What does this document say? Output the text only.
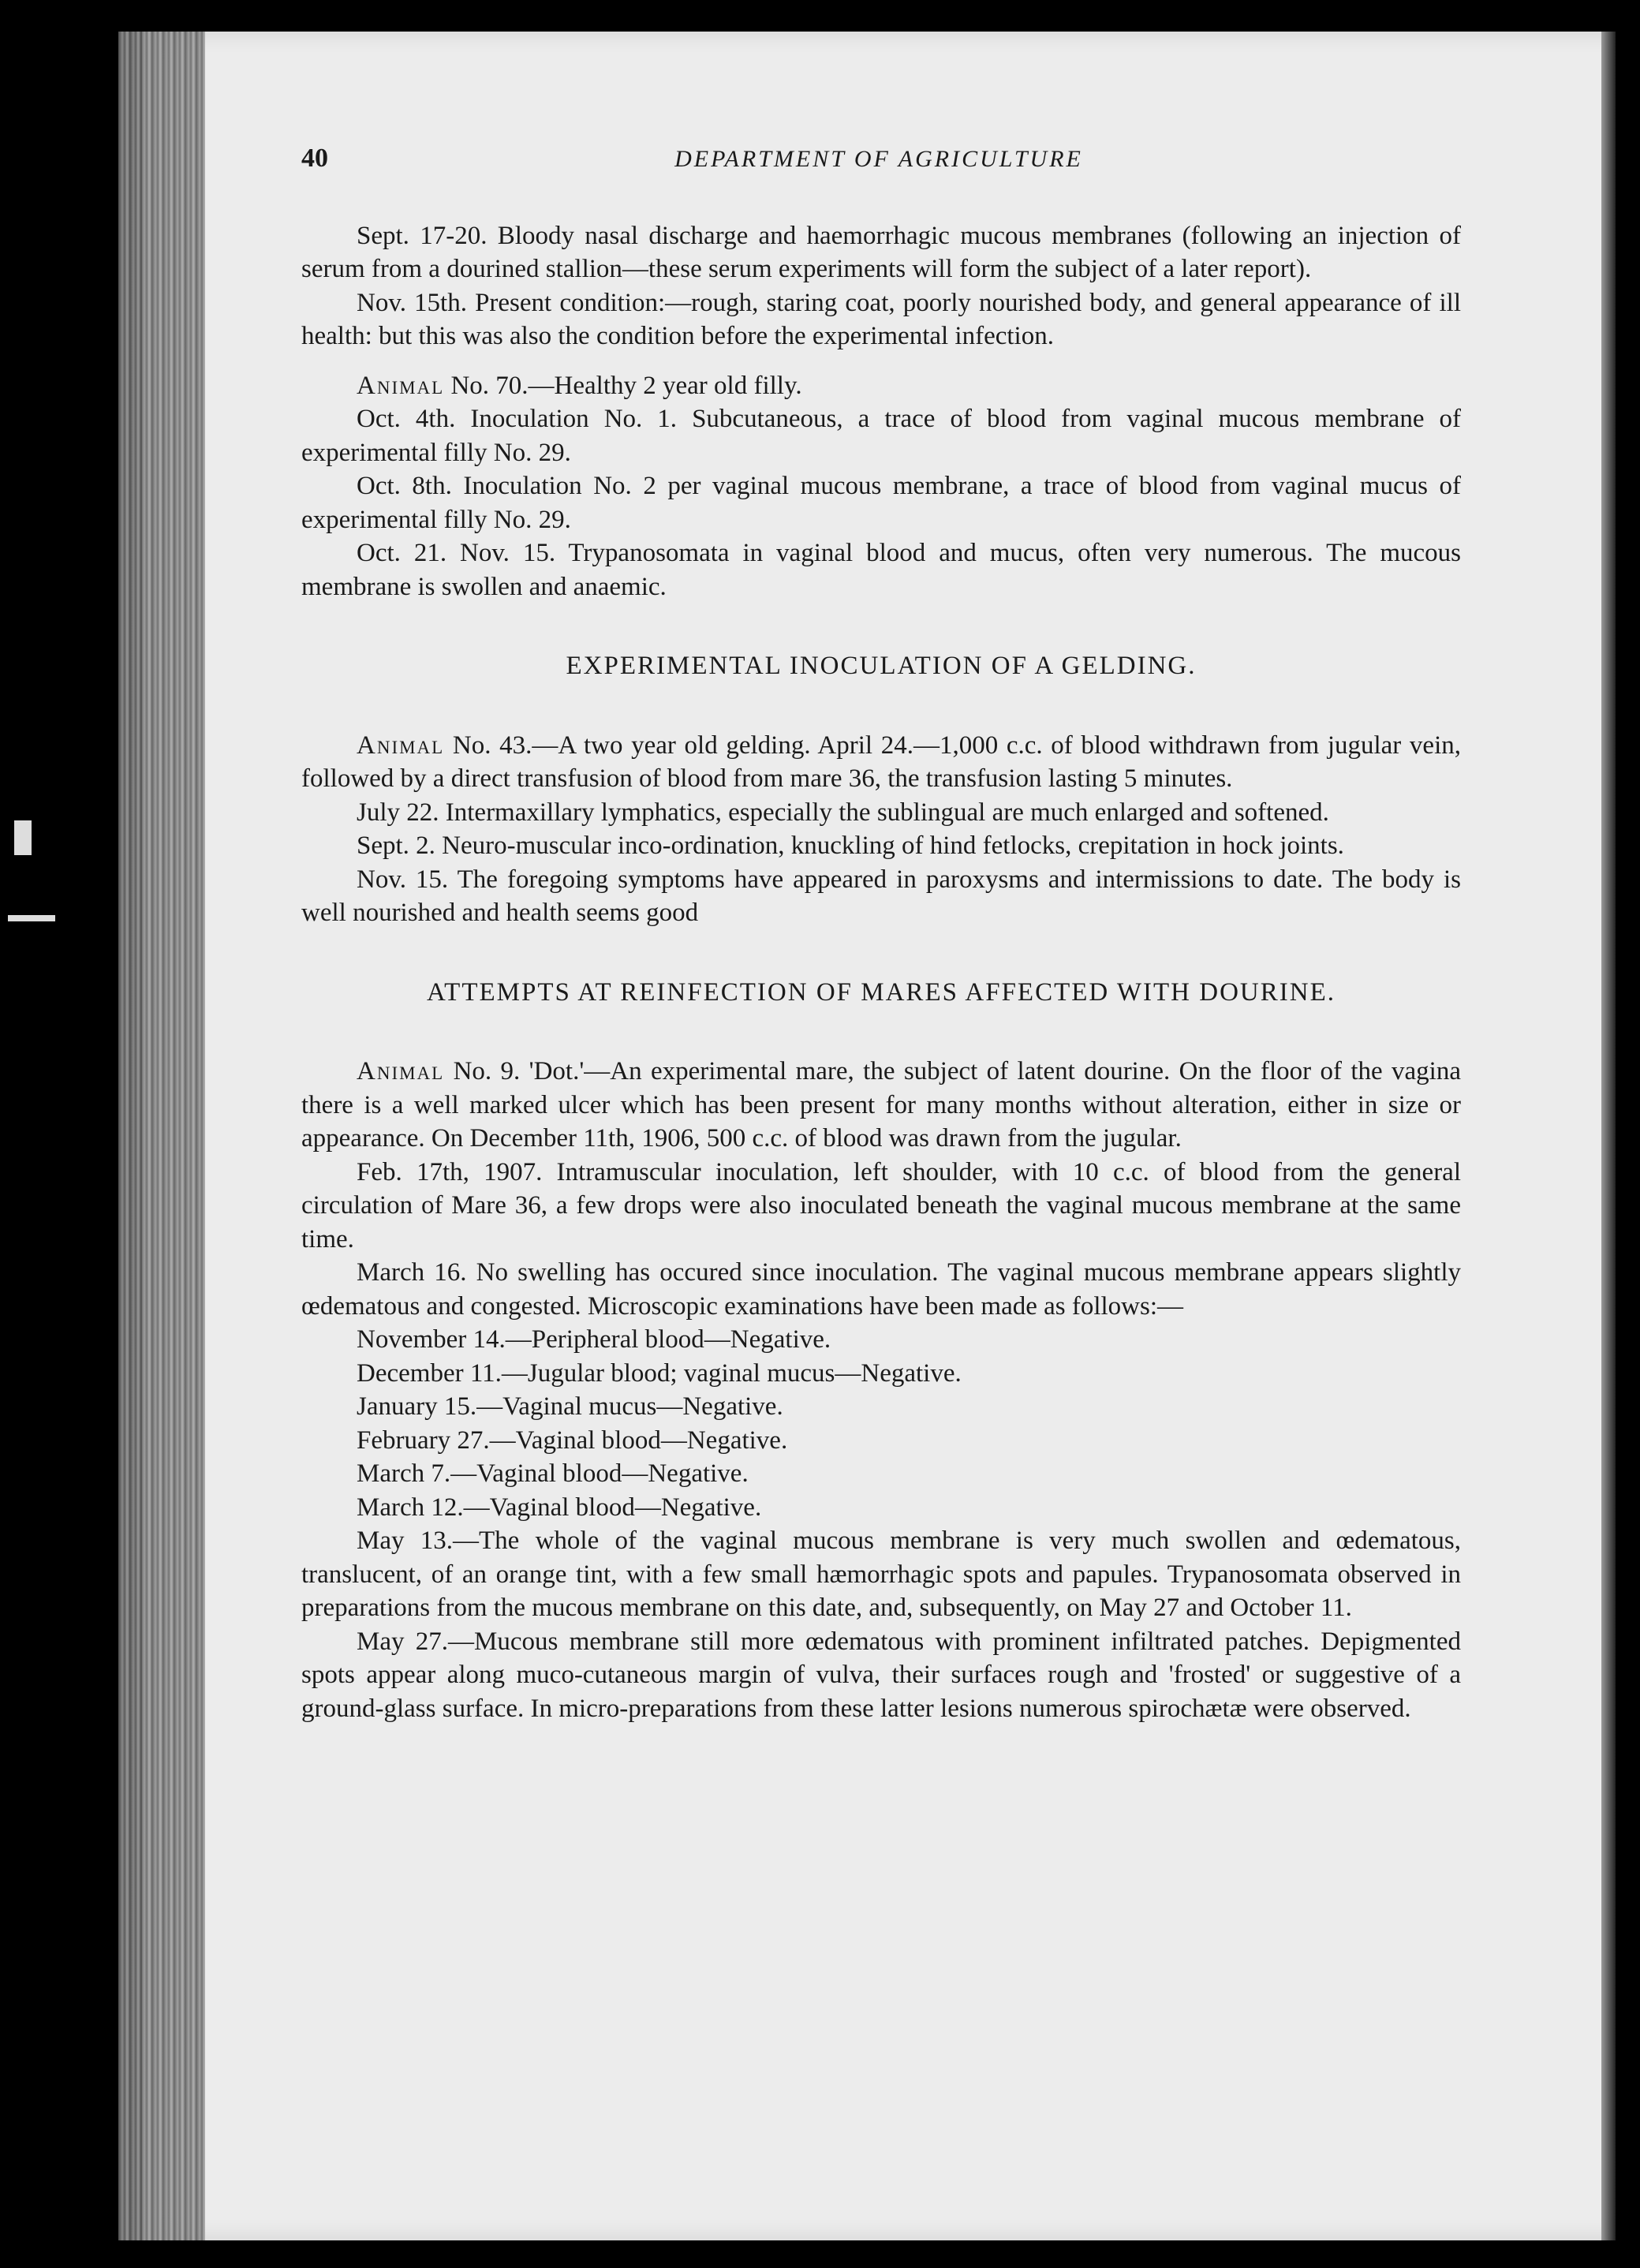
40	DEPARTMENT OF AGRICULTURE

Sept. 17-20. Bloody nasal discharge and haemorrhagic mucous membranes (following an injection of serum from a dourined stallion—these serum experiments will form the subject of a later report).

Nov. 15th. Present condition:—rough, staring coat, poorly nourished body, and general appearance of ill health: but this was also the condition before the experimental infection.

Animal No. 70.—Healthy 2 year old filly.

Oct. 4th. Inoculation No. 1. Subcutaneous, a trace of blood from vaginal mucous membrane of experimental filly No. 29.

Oct. 8th. Inoculation No. 2 per vaginal mucous membrane, a trace of blood from vaginal mucus of experimental filly No. 29.

Oct. 21. Nov. 15. Trypanosomata in vaginal blood and mucus, often very numerous. The mucous membrane is swollen and anaemic.

EXPERIMENTAL INOCULATION OF A GELDING.

Animal No. 43.—A two year old gelding. April 24.—1,000 c.c. of blood withdrawn from jugular vein, followed by a direct transfusion of blood from mare 36, the transfusion lasting 5 minutes.

July 22. Intermaxillary lymphatics, especially the sublingual are much enlarged and softened.

Sept. 2. Neuro-muscular inco-ordination, knuckling of hind fetlocks, crepitation in hock joints.

Nov. 15. The foregoing symptoms have appeared in paroxysms and intermissions to date. The body is well nourished and health seems good

ATTEMPTS AT REINFECTION OF MARES AFFECTED WITH DOURINE.

Animal No. 9. 'Dot.'—An experimental mare, the subject of latent dourine. On the floor of the vagina there is a well marked ulcer which has been present for many months without alteration, either in size or appearance. On December 11th, 1906, 500 c.c. of blood was drawn from the jugular.

Feb. 17th, 1907. Intramuscular inoculation, left shoulder, with 10 c.c. of blood from the general circulation of Mare 36, a few drops were also inoculated beneath the vaginal mucous membrane at the same time.

March 16. No swelling has occured since inoculation. The vaginal mucous membrane appears slightly œdematous and congested. Microscopic examinations have been made as follows:—

November 14.—Peripheral blood—Negative.
December 11.—Jugular blood; vaginal mucus—Negative.
January 15.—Vaginal mucus—Negative.
February 27.—Vaginal blood—Negative.
March 7.—Vaginal blood—Negative.
March 12.—Vaginal blood—Negative.

May 13.—The whole of the vaginal mucous membrane is very much swollen and œdematous, translucent, of an orange tint, with a few small hæmorrhagic spots and papules. Trypanosomata observed in preparations from the mucous membrane on this date, and, subsequently, on May 27 and October 11.

May 27.—Mucous membrane still more œdematous with prominent infiltrated patches. Depigmented spots appear along muco-cutaneous margin of vulva, their surfaces rough and 'frosted' or suggestive of a ground-glass surface. In micro-preparations from these latter lesions numerous spirochætæ were observed.
